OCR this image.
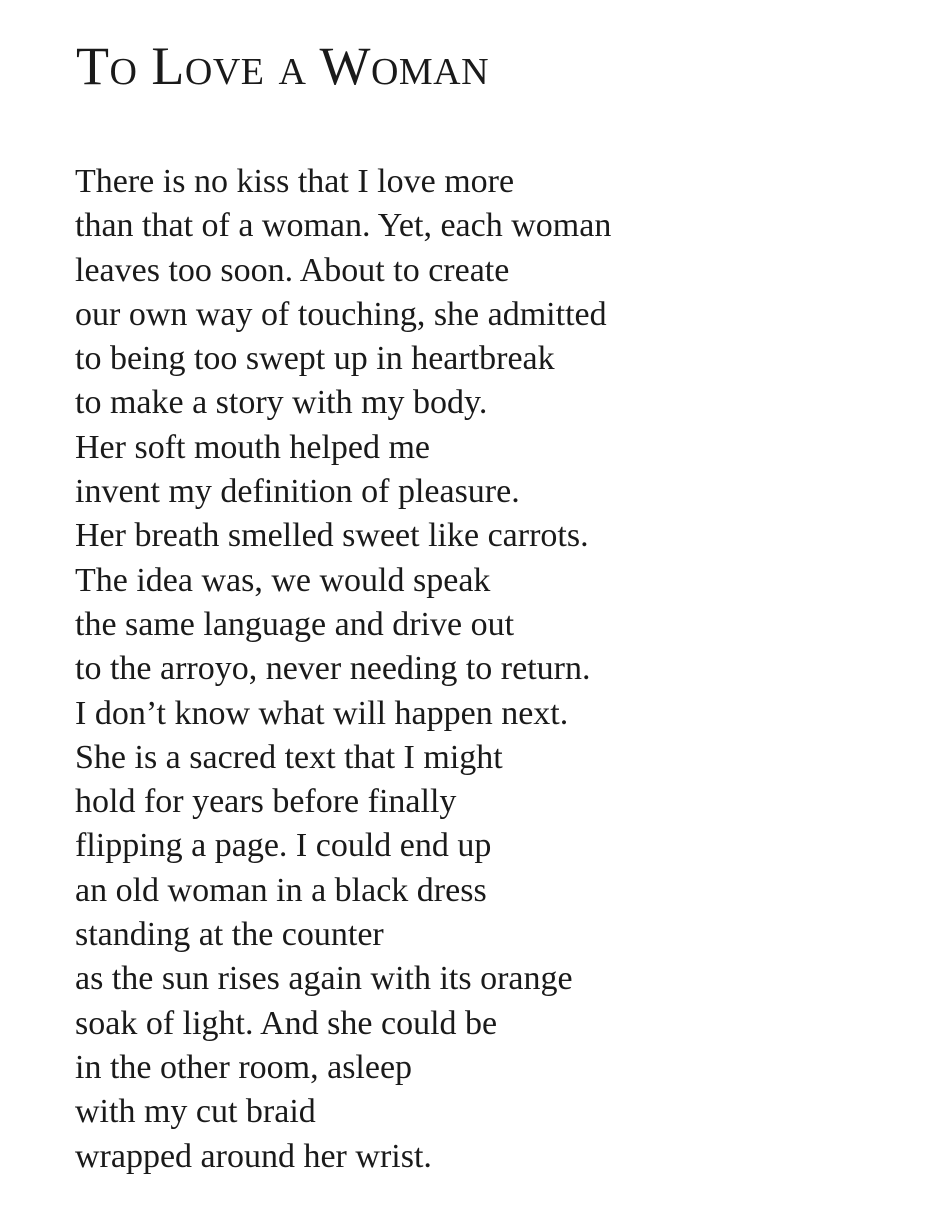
To Love a Woman
There is no kiss that I love more
than that of a woman. Yet, each woman
leaves too soon. About to create
our own way of touching, she admitted
to being too swept up in heartbreak
to make a story with my body.
Her soft mouth helped me
invent my definition of pleasure.
Her breath smelled sweet like carrots.
The idea was, we would speak
the same language and drive out
to the arroyo, never needing to return.
I don’t know what will happen next.
She is a sacred text that I might
hold for years before finally
flipping a page. I could end up
an old woman in a black dress
standing at the counter
as the sun rises again with its orange
soak of light. And she could be
in the other room, asleep
with my cut braid
wrapped around her wrist.
